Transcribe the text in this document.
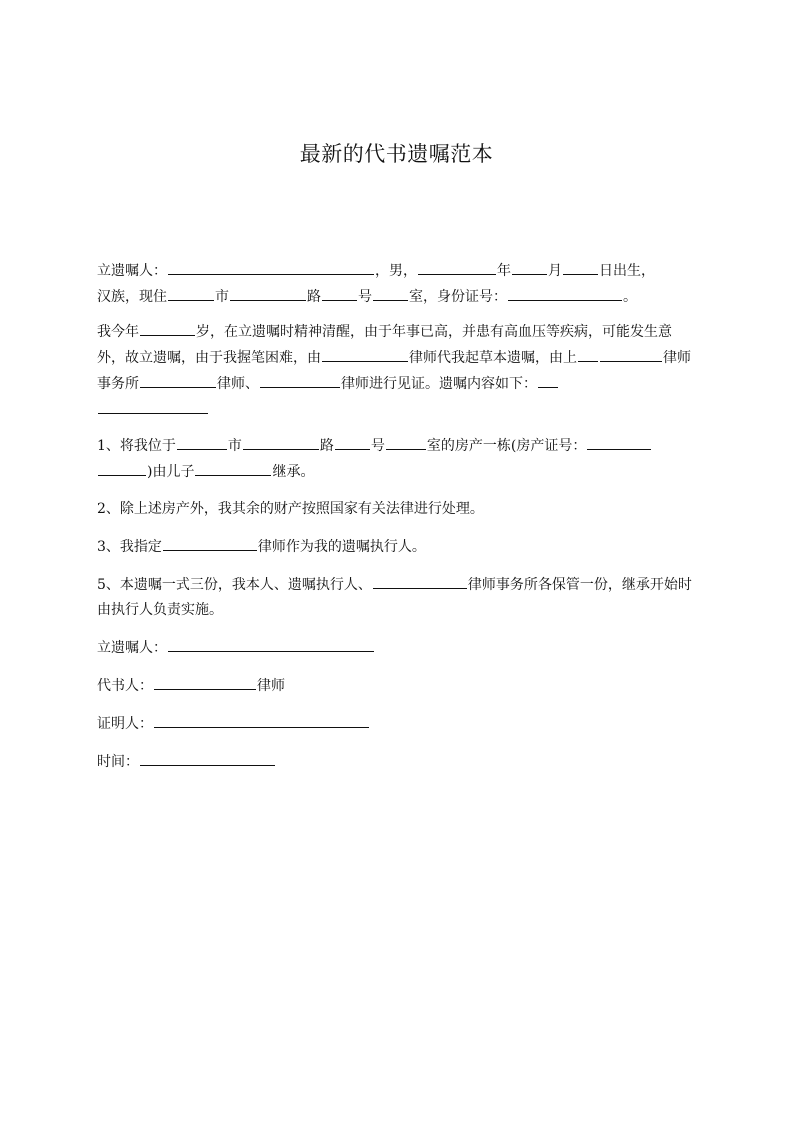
最新的代书遗嘱范本

立遗嘱人：	，男，	年	月	日出生，
汉族，现住	市	路	号	室，身份证号：	。

我今年	岁，在立遗嘱时精神清醒，由于年事已高，并患有高血压等疾病，可能发生意外，故立遗嘱，由于我握笔困难，由	律师代我起草本遗嘱，由上	律师事务所	律师、	律师进行见证。遗嘱内容如下：

1、将我位于	市	路	号	室的房产一栋(房产证号：
)由儿子	继承。

2、除上述房产外，我其余的财产按照国家有关法律进行处理。

3、我指定	律师作为我的遗嘱执行人。

5、本遗嘱一式三份，我本人、遗嘱执行人、	律师事务所各保管一份，继承开始时由执行人负责实施。

立遗嘱人：

代书人：	律师

证明人：

时间：
